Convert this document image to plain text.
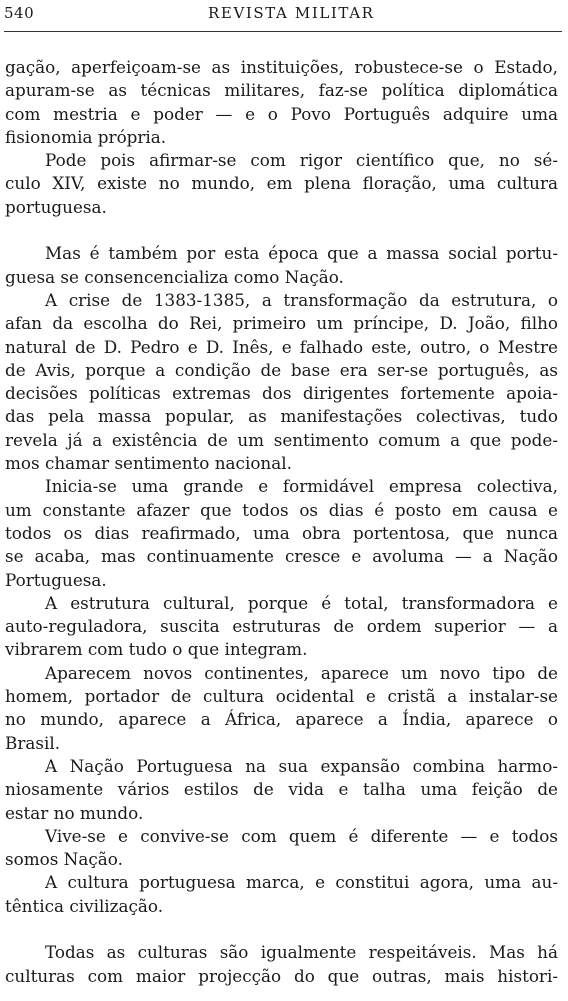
540	REVISTA MILITAR
gação, aperfeiçoam-se as instituições, robustece-se o Estado,
apuram-se as técnicas militares, faz-se política diplomática
com mestria e poder — e o Povo Português adquire uma
fisionomia própria.
Pode pois afirmar-se com rigor científico que, no sé-
culo XIV, existe no mundo, em plena floração, uma cultura
portuguesa.
Mas é também por esta época que a massa social portu-
guesa se consencencializa como Nação.
A crise de 1383-1385, a transformação da estrutura, o
afan da escolha do Rei, primeiro um príncipe, D. João, filho
natural de D. Pedro e D. Inês, e falhado este, outro, o Mestre
de Avis, porque a condição de base era ser-se português, as
decisões políticas extremas dos dirigentes fortemente apoia-
das pela massa popular, as manifestações colectivas, tudo
revela já a existência de um sentimento comum a que pode-
mos chamar sentimento nacional.
Inicia-se uma grande e formidável empresa colectiva,
um constante afazer que todos os dias é posto em causa e
todos os dias reafirmado, uma obra portentosa, que nunca
se acaba, mas continuamente cresce e avoluma — a Nação
Portuguesa.
A estrutura cultural, porque é total, transformadora e
auto-reguladora, suscita estruturas de ordem superior — a
vibrarem com tudo o que integram.
Aparecem novos continentes, aparece um novo tipo de
homem, portador de cultura ocidental e cristã a instalar-se
no mundo, aparece a África, aparece a Índia, aparece o
Brasil.
A Nação Portuguesa na sua expansão combina harmo-
niosamente vários estilos de vida e talha uma feição de
estar no mundo.
Vive-se e convive-se com quem é diferente — e todos
somos Nação.
A cultura portuguesa marca, e constitui agora, uma au-
têntica civilização.
Todas as culturas são igualmente respeitáveis. Mas há
culturas com maior projecção do que outras, mais histori-
